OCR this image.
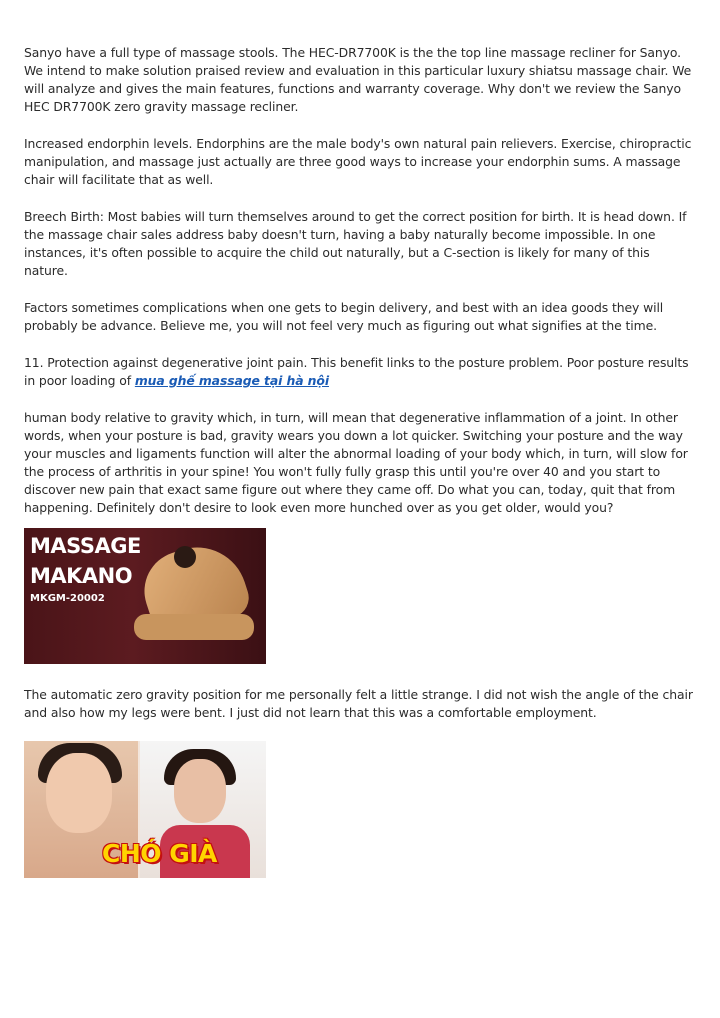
Sanyo have a full type of massage stools. The HEC-DR7700K is the the top line massage recliner for Sanyo. We intend to make solution praised review and evaluation in this particular luxury shiatsu massage chair. We will analyze and gives the main features, functions and warranty coverage. Why don't we review the Sanyo HEC DR7700K zero gravity massage recliner.

Increased endorphin levels. Endorphins are the male body's own natural pain relievers. Exercise, chiropractic manipulation, and massage just actually are three good ways to increase your endorphin sums. A massage chair will facilitate that as well.

Breech Birth: Most babies will turn themselves around to get the correct position for birth. It is head down. If the massage chair sales address baby doesn't turn, having a baby naturally become impossible. In one instances, it's often possible to acquire the child out naturally, but a C-section is likely for many of this nature.

Factors sometimes complications when one gets to begin delivery, and best with an idea goods they will probably be advance. Believe me, you will not feel very much as figuring out what signifies at the time.

11. Protection against degenerative joint pain. This benefit links to the posture problem. Poor posture results in poor loading of mua ghế massage tại hà nội

human body relative to gravity which, in turn, will mean that degenerative inflammation of a joint. In other words, when your posture is bad, gravity wears you down a lot quicker. Switching your posture and the way your muscles and ligaments function will alter the abnormal loading of your body which, in turn, will slow for the process of arthritis in your spine! You won't fully fully grasp this until you're over 40 and you start to discover new pain that exact same figure out where they came off. Do what you can, today, quit that from happening. Definitely don't desire to look even more hunched over as you get older, would you?

MASSAGE
MAKANO
MKGM-20002

The automatic zero gravity position for me personally felt a little strange. I did not wish the angle of the chair and also how my legs were bent. I just did not learn that this was a comfortable employment.

CHÓ GIÀ
